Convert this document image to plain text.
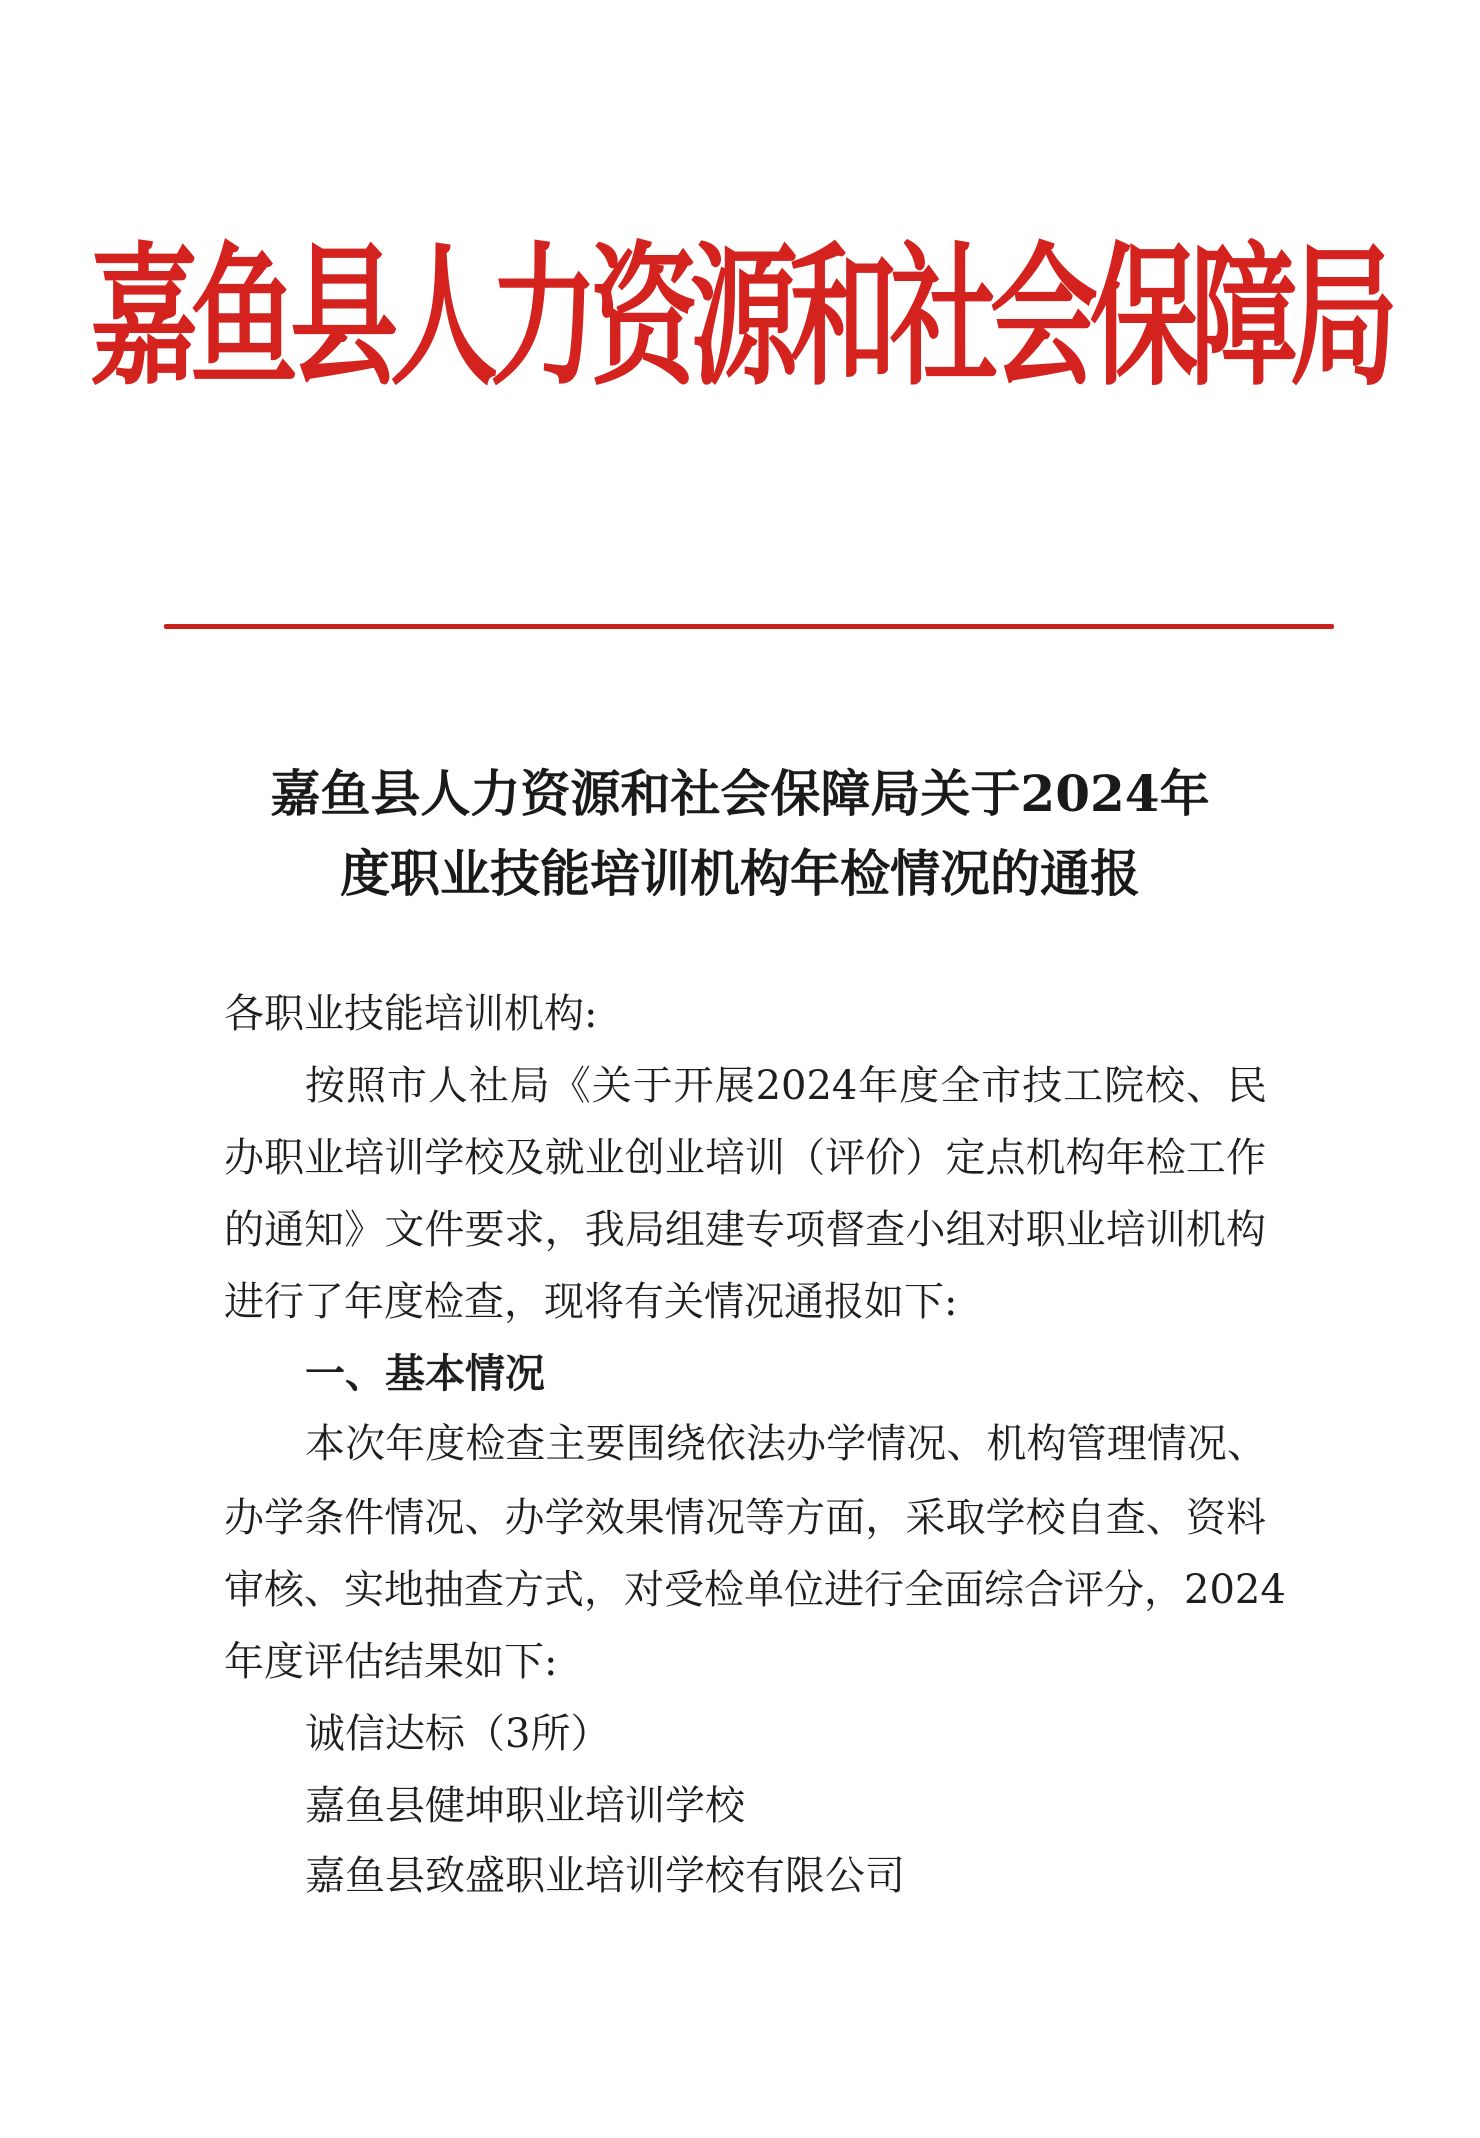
嘉鱼县人力资源和社会保障局
嘉鱼县人力资源和社会保障局关于2024年
度职业技能培训机构年检情况的通报
各职业技能培训机构:
按照市人社局《关于开展2024年度全市技工院校、民
办职业培训学校及就业创业培训（评价）定点机构年检工作
的通知》文件要求，我局组建专项督查小组对职业培训机构
进行了年度检查，现将有关情况通报如下:
一、基本情况
本次年度检查主要围绕依法办学情况、机构管理情况、
办学条件情况、办学效果情况等方面，采取学校自查、资料
审核、实地抽查方式，对受检单位进行全面综合评分，2024
年度评估结果如下:
诚信达标（3所）
嘉鱼县健坤职业培训学校
嘉鱼县致盛职业培训学校有限公司
